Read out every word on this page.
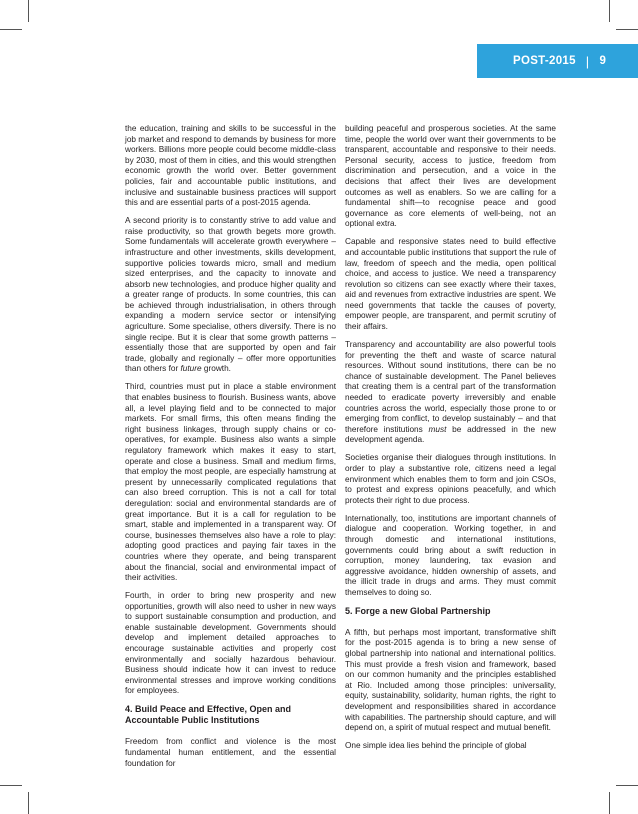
POST-2015 | 9

the education, training and skills to be successful in the job market and respond to demands by business for more workers. Billions more people could become middle-class by 2030, most of them in cities, and this would strengthen economic growth the world over. Better government policies, fair and accountable public institutions, and inclusive and sustainable business practices will support this and are essential parts of a post-2015 agenda.

A second priority is to constantly strive to add value and raise productivity, so that growth begets more growth. Some fundamentals will accelerate growth everywhere – infrastructure and other investments, skills development, supportive policies towards micro, small and medium sized enterprises, and the capacity to innovate and absorb new technologies, and produce higher quality and a greater range of products. In some countries, this can be achieved through industrialisation, in others through expanding a modern service sector or intensifying agriculture. Some specialise, others diversify. There is no single recipe. But it is clear that some growth patterns – essentially those that are supported by open and fair trade, globally and regionally – offer more opportunities than others for future growth.

Third, countries must put in place a stable environment that enables business to flourish. Business wants, above all, a level playing field and to be connected to major markets. For small firms, this often means finding the right business linkages, through supply chains or co-operatives, for example. Business also wants a simple regulatory framework which makes it easy to start, operate and close a business. Small and medium firms, that employ the most people, are especially hamstrung at present by unnecessarily complicated regulations that can also breed corruption. This is not a call for total deregulation: social and environmental standards are of great importance. But it is a call for regulation to be smart, stable and implemented in a transparent way. Of course, businesses themselves also have a role to play: adopting good practices and paying fair taxes in the countries where they operate, and being transparent about the financial, social and environmental impact of their activities.

Fourth, in order to bring new prosperity and new opportunities, growth will also need to usher in new ways to support sustainable consumption and production, and enable sustainable development. Governments should develop and implement detailed approaches to encourage sustainable activities and properly cost environmentally and socially hazardous behaviour. Business should indicate how it can invest to reduce environmental stresses and improve working conditions for employees.

4. Build Peace and Effective, Open and Accountable Public Institutions

Freedom from conflict and violence is the most fundamental human entitlement, and the essential foundation for

building peaceful and prosperous societies. At the same time, people the world over want their governments to be transparent, accountable and responsive to their needs. Personal security, access to justice, freedom from discrimination and persecution, and a voice in the decisions that affect their lives are development outcomes as well as enablers. So we are calling for a fundamental shift—to recognise peace and good governance as core elements of well-being, not an optional extra.

Capable and responsive states need to build effective and accountable public institutions that support the rule of law, freedom of speech and the media, open political choice, and access to justice. We need a transparency revolution so citizens can see exactly where their taxes, aid and revenues from extractive industries are spent. We need governments that tackle the causes of poverty, empower people, are transparent, and permit scrutiny of their affairs.

Transparency and accountability are also powerful tools for preventing the theft and waste of scarce natural resources. Without sound institutions, there can be no chance of sustainable development. The Panel believes that creating them is a central part of the transformation needed to eradicate poverty irreversibly and enable countries across the world, especially those prone to or emerging from conflict, to develop sustainably – and that therefore institutions must be addressed in the new development agenda.

Societies organise their dialogues through institutions. In order to play a substantive role, citizens need a legal environment which enables them to form and join CSOs, to protest and express opinions peacefully, and which protects their right to due process.

Internationally, too, institutions are important channels of dialogue and cooperation. Working together, in and through domestic and international institutions, governments could bring about a swift reduction in corruption, money laundering, tax evasion and aggressive avoidance, hidden ownership of assets, and the illicit trade in drugs and arms. They must commit themselves to doing so.

5. Forge a new Global Partnership

A fifth, but perhaps most important, transformative shift for the post-2015 agenda is to bring a new sense of global partnership into national and international politics. This must provide a fresh vision and framework, based on our common humanity and the principles established at Rio. Included among those principles: universality, equity, sustainability, solidarity, human rights, the right to development and responsibilities shared in accordance with capabilities. The partnership should capture, and will depend on, a spirit of mutual respect and mutual benefit.

One simple idea lies behind the principle of global
